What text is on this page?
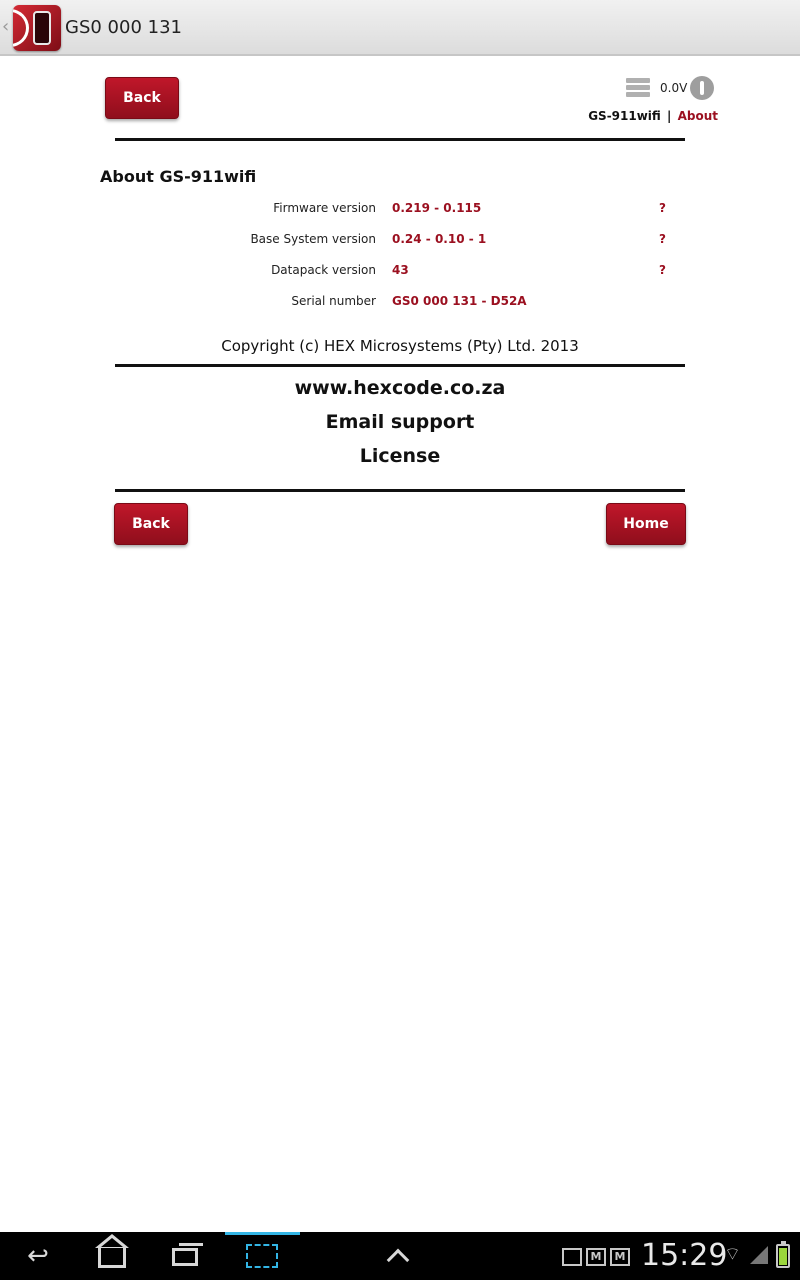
‹	GS0 000 131
Back
0.0V
GS-911wifi | About
About GS-911wifi
Firmware version 0.219 - 0.115	?
Base System version 0.24 - 0.10 - 1	?
Datapack version 43	?
Serial number GS0 000 131 - D52A
Copyright (c) HEX Microsystems (Pty) Ltd. 2013
www.hexcode.co.za
Email support
License
Back	Home
↩	M	M 15:29
⌔
